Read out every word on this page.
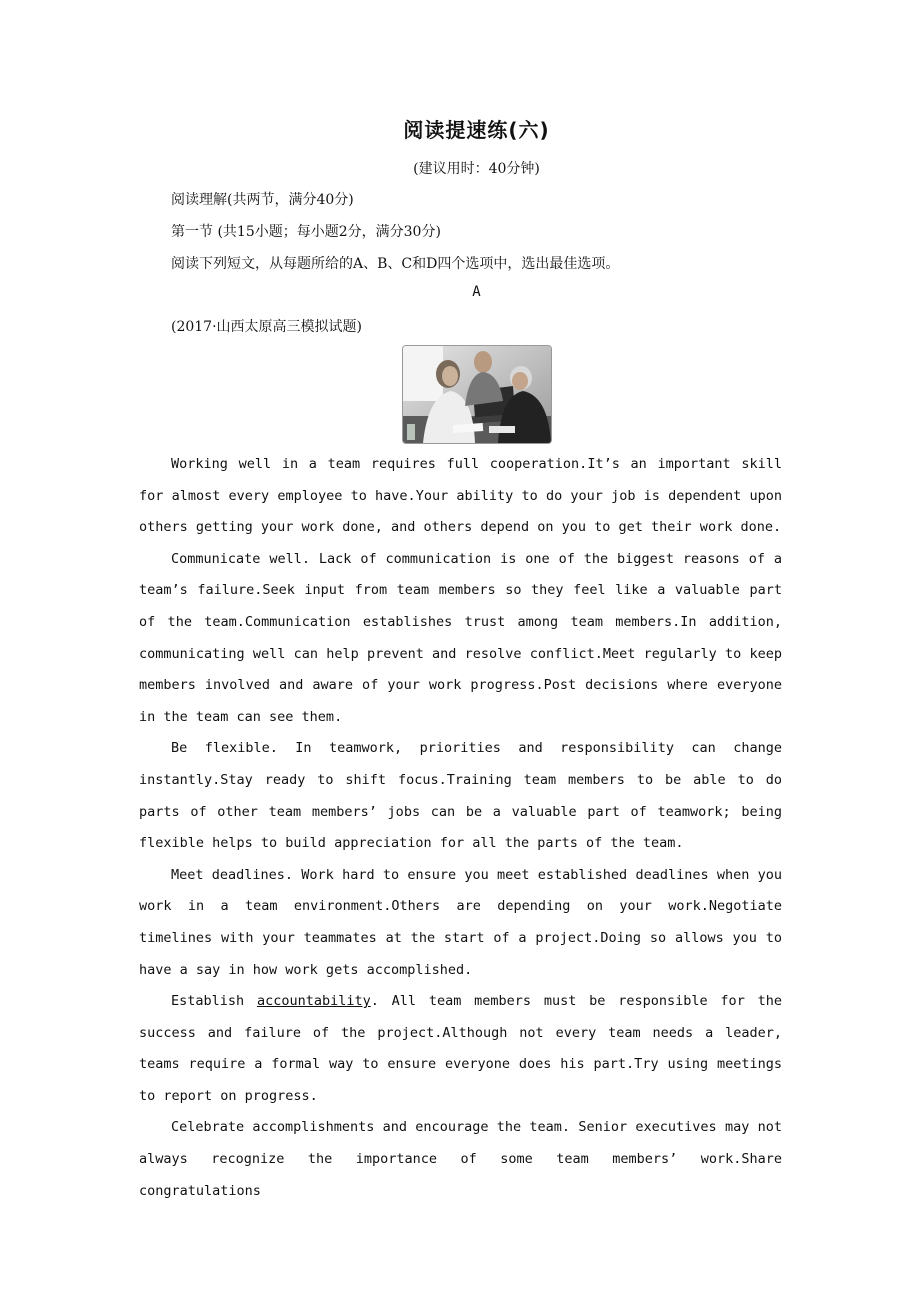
阅读提速练(六)
(建议用时：40分钟)
阅读理解(共两节，满分40分)
第一节 (共15小题；每小题2分，满分30分)
阅读下列短文，从每题所给的A、B、C和D四个选项中，选出最佳选项。
A
(2017·山西太原高三模拟试题)

Working well in a team requires full cooperation.It’s an important skill for almost every employee to have.Your ability to do your job is dependent upon others getting your work done, and others depend on you to get their work done.

Communicate well. Lack of communication is one of the biggest reasons of a team’s failure.Seek input from team members so they feel like a valuable part of the team.Communication establishes trust among team members.In addition, communicating well can help prevent and resolve conflict.Meet regularly to keep members involved and aware of your work progress.Post decisions where everyone in the team can see them.

Be flexible. In teamwork, priorities and responsibility can change instantly.Stay ready to shift focus.Training team members to be able to do parts of other team members’ jobs can be a valuable part of teamwork; being flexible helps to build appreciation for all the parts of the team.

Meet deadlines. Work hard to ensure you meet established deadlines when you work in a team environment.Others are depending on your work.Negotiate timelines with your teammates at the start of a project.Doing so allows you to have a say in how work gets accomplished.

Establish accountability. All team members must be responsible for the success and failure of the project.Although not every team needs a leader, teams require a formal way to ensure everyone does his part.Try using meetings to report on progress.

Celebrate accomplishments and encourage the team. Senior executives may not always recognize the importance of some team members’ work.Share congratulations
